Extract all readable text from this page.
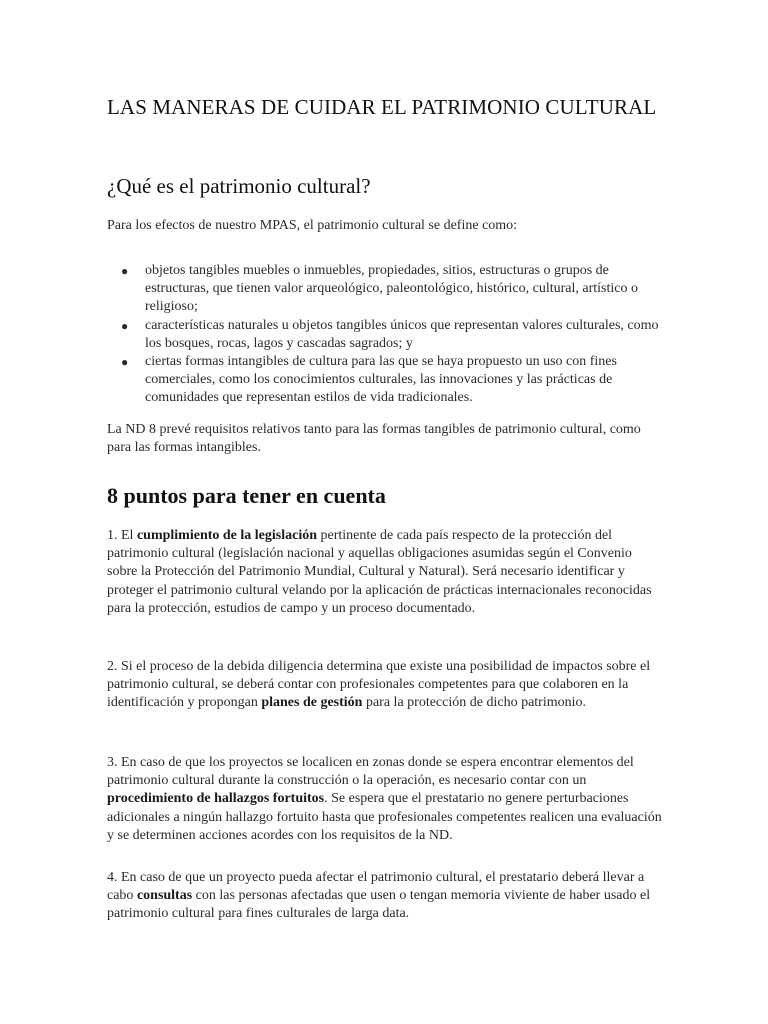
LAS MANERAS DE CUIDAR EL PATRIMONIO CULTURAL
¿Qué es el patrimonio cultural?

Para los efectos de nuestro MPAS, el patrimonio cultural se define como:

● objetos tangibles muebles o inmuebles, propiedades, sitios, estructuras o grupos de estructuras, que tienen valor arqueológico, paleontológico, histórico, cultural, artístico o religioso;
● características naturales u objetos tangibles únicos que representan valores culturales, como los bosques, rocas, lagos y cascadas sagrados; y
● ciertas formas intangibles de cultura para las que se haya propuesto un uso con fines comerciales, como los conocimientos culturales, las innovaciones y las prácticas de comunidades que representan estilos de vida tradicionales.

La ND 8 prevé requisitos relativos tanto para las formas tangibles de patrimonio cultural, como para las formas intangibles.

8 puntos para tener en cuenta

1. El cumplimiento de la legislación pertinente de cada país respecto de la protección del patrimonio cultural (legislación nacional y aquellas obligaciones asumidas según el Convenio sobre la Protección del Patrimonio Mundial, Cultural y Natural). Será necesario identificar y proteger el patrimonio cultural velando por la aplicación de prácticas internacionales reconocidas para la protección, estudios de campo y un proceso documentado.

2. Si el proceso de la debida diligencia determina que existe una posibilidad de impactos sobre el patrimonio cultural, se deberá contar con profesionales competentes para que colaboren en la identificación y propongan planes de gestión para la protección de dicho patrimonio.

3. En caso de que los proyectos se localicen en zonas donde se espera encontrar elementos del patrimonio cultural durante la construcción o la operación, es necesario contar con un procedimiento de hallazgos fortuitos. Se espera que el prestatario no genere perturbaciones adicionales a ningún hallazgo fortuito hasta que profesionales competentes realicen una evaluación y se determinen acciones acordes con los requisitos de la ND.

4. En caso de que un proyecto pueda afectar el patrimonio cultural, el prestatario deberá llevar a cabo consultas con las personas afectadas que usen o tengan memoria viviente de haber usado el patrimonio cultural para fines culturales de larga data.
